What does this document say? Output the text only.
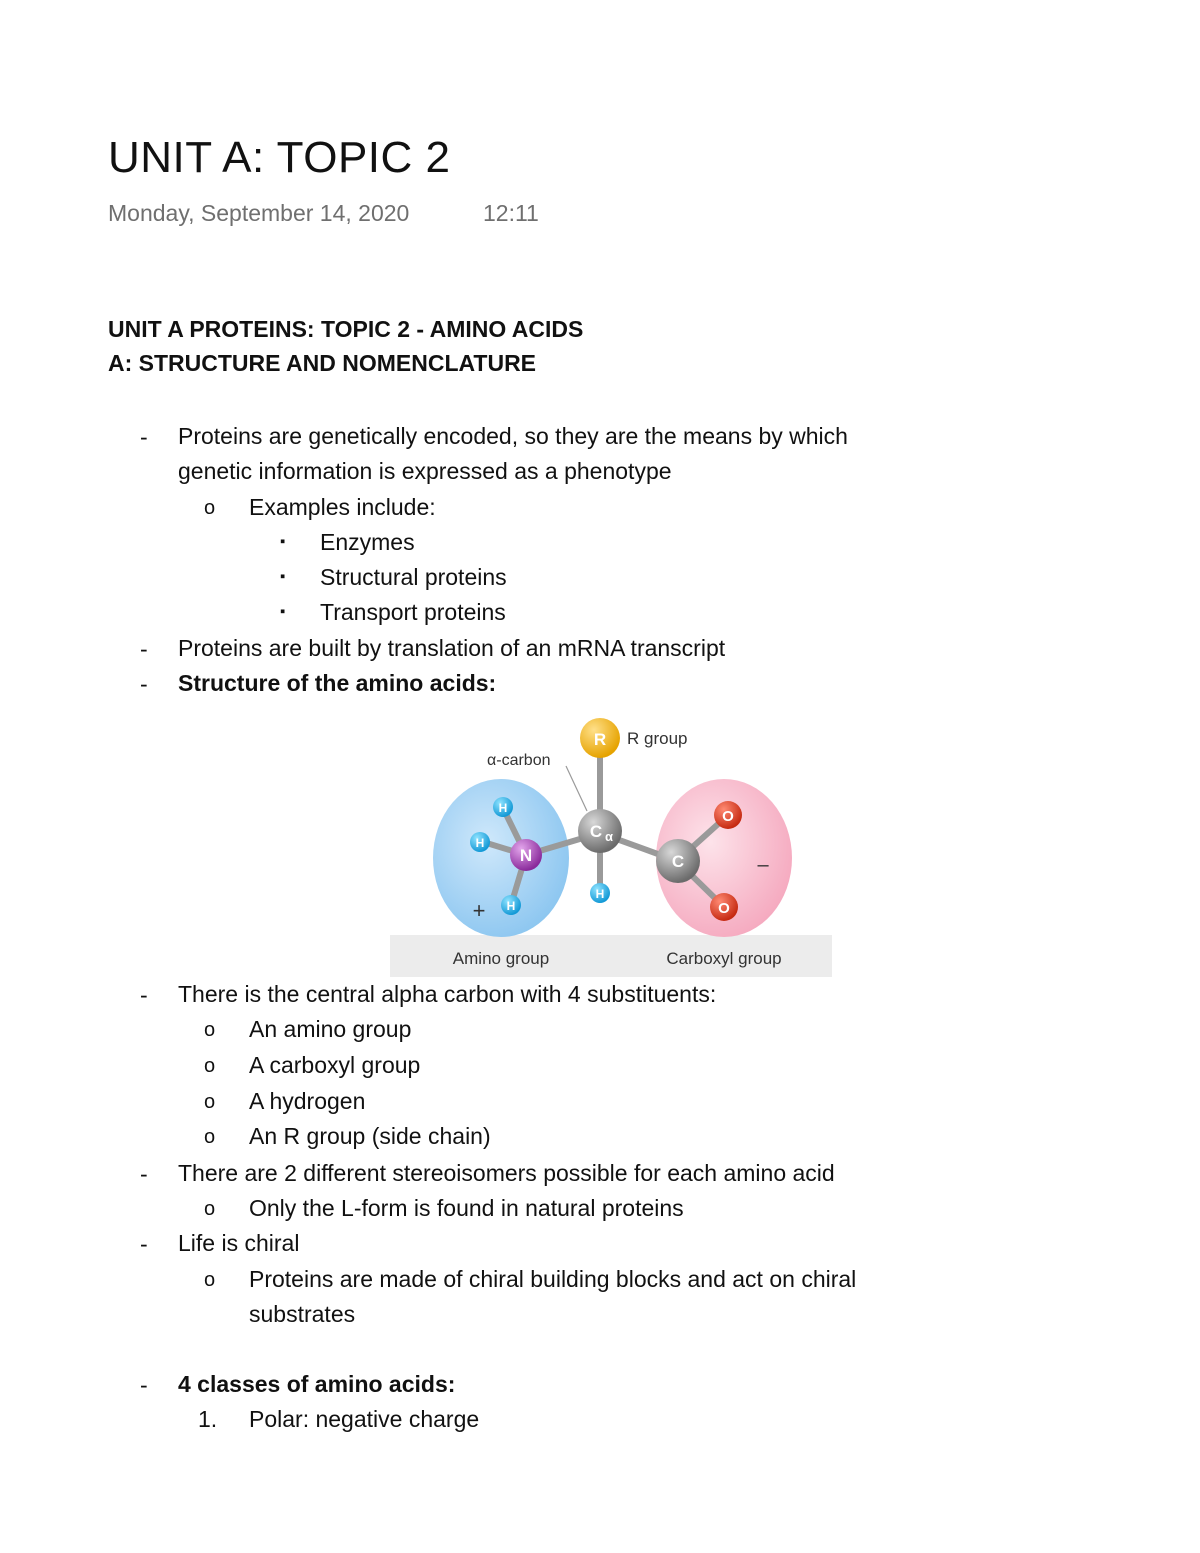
UNIT A: TOPIC 2
Monday, September 14, 2020	12:11
UNIT A PROTEINS: TOPIC 2 - AMINO ACIDS
A: STRUCTURE AND NOMENCLATURE
- Proteins are genetically encoded, so they are the means by which
genetic information is expressed as a phenotype
o Examples include:
▪ Enzymes
▪ Structural proteins
▪ Transport proteins
- Proteins are built by translation of an mRNA transcript
- Structure of the amino acids:
R
C α
N
H
H
H
H
C
O
O
+
–
R group
α-carbon
Amino group	Carboxyl group
- There is the central alpha carbon with 4 substituents:
o An amino group
o A carboxyl group
o A hydrogen
o An R group (side chain)
- There are 2 different stereoisomers possible for each amino acid
o Only the L-form is found in natural proteins
- Life is chiral
o Proteins are made of chiral building blocks and act on chiral
substrates
- 4 classes of amino acids:
1. Polar: negative charge
